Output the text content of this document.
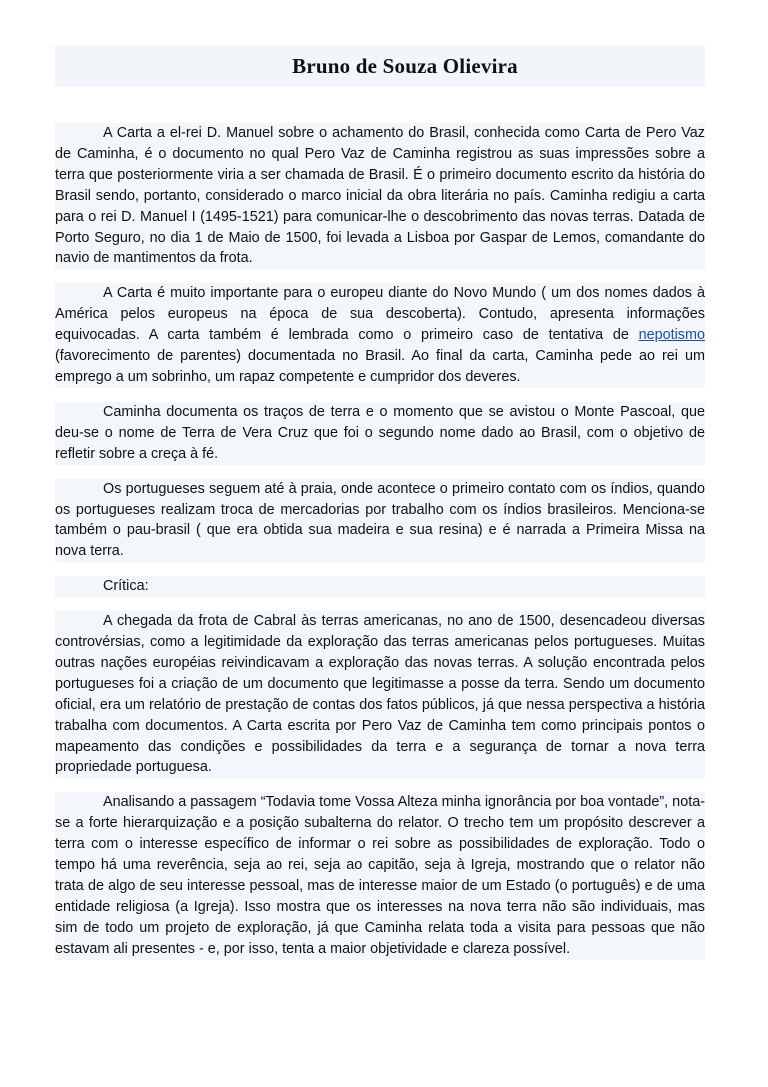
Bruno de Souza Olievira

A Carta a el-rei D. Manuel sobre o achamento do Brasil, conhecida como Carta de Pero Vaz de Caminha, é o documento no qual Pero Vaz de Caminha registrou as suas impressões sobre a terra que posteriormente viria a ser chamada de Brasil. É o primeiro documento escrito da história do Brasil sendo, portanto, considerado o marco inicial da obra literária no país. Caminha redigiu a carta para o rei D. Manuel I (1495-1521) para comunicar-lhe o descobrimento das novas terras. Datada de Porto Seguro, no dia 1 de Maio de 1500, foi levada a Lisboa por Gaspar de Lemos, comandante do navio de mantimentos da frota.

A Carta é muito importante para o europeu diante do Novo Mundo ( um dos nomes dados à América pelos europeus na época de sua descoberta). Contudo, apresenta informações equivocadas. A carta também é lembrada como o primeiro caso de tentativa de nepotismo (favorecimento de parentes) documentada no Brasil. Ao final da carta, Caminha pede ao rei um emprego a um sobrinho, um rapaz competente e cumpridor dos deveres.

Caminha documenta os traços de terra e o momento que se avistou o Monte Pascoal, que deu-se o nome de Terra de Vera Cruz que foi o segundo nome dado ao Brasil, com o objetivo de refletir sobre a creça à fé.

Os portugueses seguem até à praia, onde acontece o primeiro contato com os índios, quando os portugueses realizam troca de mercadorias por trabalho com os índios brasileiros. Menciona-se também o pau-brasil ( que era obtida sua madeira e sua resina) e é narrada a Primeira Missa na nova terra.

Crítica:

A chegada da frota de Cabral às terras americanas, no ano de 1500, desencadeou diversas controvérsias, como a legitimidade da exploração das terras americanas pelos portugueses. Muitas outras nações européias reivindicavam a exploração das novas terras. A solução encontrada pelos portugueses foi a criação de um documento que legitimasse a posse da terra. Sendo um documento oficial, era um relatório de prestação de contas dos fatos públicos, já que nessa perspectiva a história trabalha com documentos. A Carta escrita por Pero Vaz de Caminha tem como principais pontos o mapeamento das condições e possibilidades da terra e a segurança de tornar a nova terra propriedade portuguesa.

Analisando a passagem “Todavia tome Vossa Alteza minha ignorância por boa vontade”, nota-se a forte hierarquização e a posição subalterna do relator. O trecho tem um propósito descrever a terra com o interesse específico de informar o rei sobre as possibilidades de exploração. Todo o tempo há uma reverência, seja ao rei, seja ao capitão, seja à Igreja, mostrando que o relator não trata de algo de seu interesse pessoal, mas de interesse maior de um Estado (o português) e de uma entidade religiosa (a Igreja). Isso mostra que os interesses na nova terra não são individuais, mas sim de todo um projeto de exploração, já que Caminha relata toda a visita para pessoas que não estavam ali presentes - e, por isso, tenta a maior objetividade e clareza possível.
